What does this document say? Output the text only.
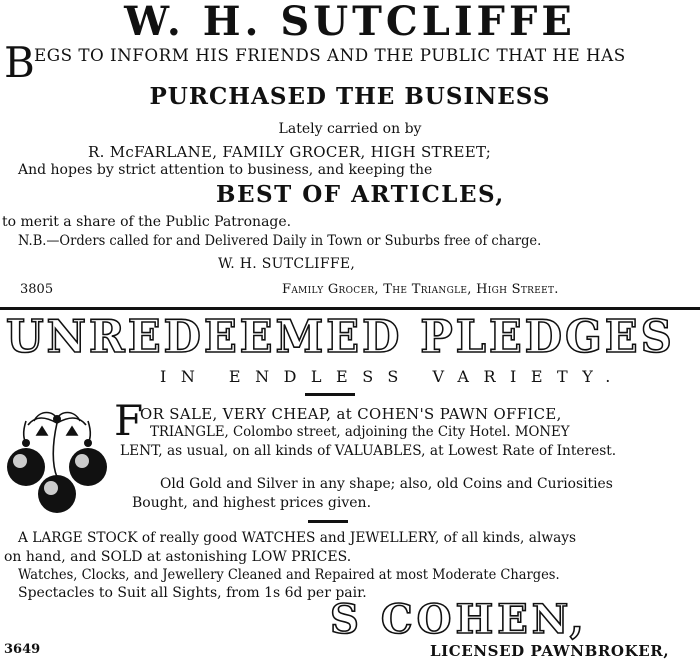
W. H. SUTCLIFFE
B EGS TO INFORM HIS FRIENDS AND THE PUBLIC THAT HE HAS
PURCHASED THE BUSINESS
Lately carried on by
R. McFARLANE, FAMILY GROCER, HIGH STREET;
And hopes by strict attention to business, and keeping the
BEST OF ARTICLES,
to merit a share of the Public Patronage.
N.B.—Orders called for and Delivered Daily in Town or Suburbs free of charge.
W. H. SUTCLIFFE,
3805	Family Grocer, The Triangle, High Street.
UNREDEEMED PLEDGES
IN ENDLESS VARIETY.
F
OR SALE, VERY CHEAP, at COHEN'S PAWN OFFICE,
TRIANGLE, Colombo street, adjoining the City Hotel. MONEY
LENT, as usual, on all kinds of VALUABLES, at Lowest Rate of Interest.
Old Gold and Silver in any shape; also, old Coins and Curiosities
Bought, and highest prices given.
A LARGE STOCK of really good WATCHES and JEWELLERY, of all kinds, always
on hand, and SOLD at astonishing LOW PRICES.
Watches, Clocks, and Jewellery Cleaned and Repaired at most Moderate Charges.
Spectacles to Suit all Sights, from 1s 6d per pair.
S COHEN,
3649	LICENSED PAWNBROKER,
